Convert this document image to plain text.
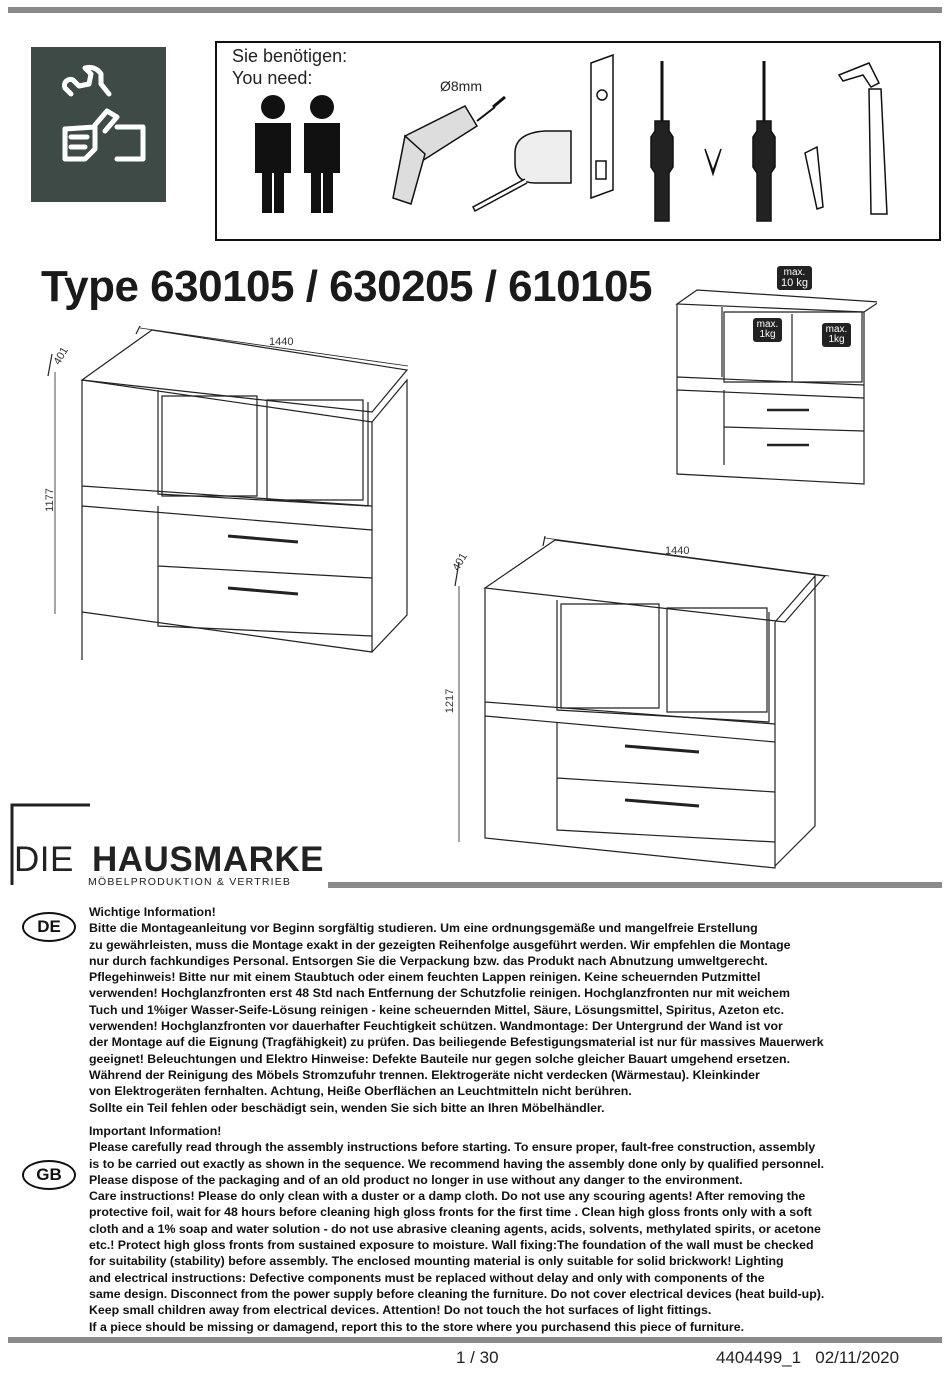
Sie benötigen:
You need:	Ø8mm
Type 630105 / 630205 / 610105	max.
10 kg
max.
1kg	max.
1kg
1440
401
1177
1440
401
1217
DIE HAUSMARKE
MÖBELPRODUKTION & VERTRIEB
DE
Wichtige Information!
Bitte die Montageanleitung vor Beginn sorgfältig studieren. Um eine ordnungsgemäße und mangelfreie Erstellung
zu gewährleisten, muss die Montage exakt in der gezeigten Reihenfolge ausgeführt werden. Wir empfehlen die Montage
nur durch fachkundiges Personal. Entsorgen Sie die Verpackung bzw. das Produkt nach Abnutzung umweltgerecht.
Pflegehinweis! Bitte nur mit einem Staubtuch oder einem feuchten Lappen reinigen. Keine scheuernden Putzmittel
verwenden! Hochglanzfronten erst 48 Std nach Entfernung der Schutzfolie reinigen. Hochglanzfronten nur mit weichem
Tuch und 1%iger Wasser-Seife-Lösung reinigen - keine scheuernden Mittel, Säure, Lösungsmittel, Spiritus, Azeton etc.
verwenden! Hochglanzfronten vor dauerhafter Feuchtigkeit schützen. Wandmontage: Der Untergrund der Wand ist vor
der Montage auf die Eignung (Tragfähigkeit) zu prüfen. Das beiliegende Befestigungsmaterial ist nur für massives Mauerwerk
geeignet! Beleuchtungen und Elektro Hinweise: Defekte Bauteile nur gegen solche gleicher Bauart umgehend ersetzen.
Während der Reinigung des Möbels Stromzufuhr trennen. Elektrogeräte nicht verdecken (Wärmestau). Kleinkinder
von Elektrogeräten fernhalten. Achtung, Heiße Oberflächen an Leuchtmitteln nicht berühren.
Sollte ein Teil fehlen oder beschädigt sein, wenden Sie sich bitte an Ihren Möbelhändler.
GB
Important Information!
Please carefully read through the assembly instructions before starting. To ensure proper, fault-free construction, assembly
is to be carried out exactly as shown in the sequence. We recommend having the assembly done only by qualified personnel.
Please dispose of the packaging and of an old product no longer in use without any danger to the environment.
Care instructions! Please do only clean with a duster or a damp cloth. Do not use any scouring agents! After removing the
protective foil, wait for 48 hours before cleaning high gloss fronts for the first time . Clean high gloss fronts only with a soft
cloth and a 1% soap and water solution - do not use abrasive cleaning agents, acids, solvents, methylated spirits, or acetone
etc.! Protect high gloss fronts from sustained exposure to moisture. Wall fixing:The foundation of the wall must be checked
for suitability (stability) before assembly. The enclosed mounting material is only suitable for solid brickwork! Lighting
and electrical instructions: Defective components must be replaced without delay and only with components of the
same design. Disconnect from the power supply before cleaning the furniture. Do not cover electrical devices (heat build-up).
Keep small children away from electrical devices. Attention! Do not touch the hot surfaces of light fittings.
If a piece should be missing or damagend, report this to the store where you purchasend this piece of furniture.
1 / 30	4404499_1   02/11/2020
